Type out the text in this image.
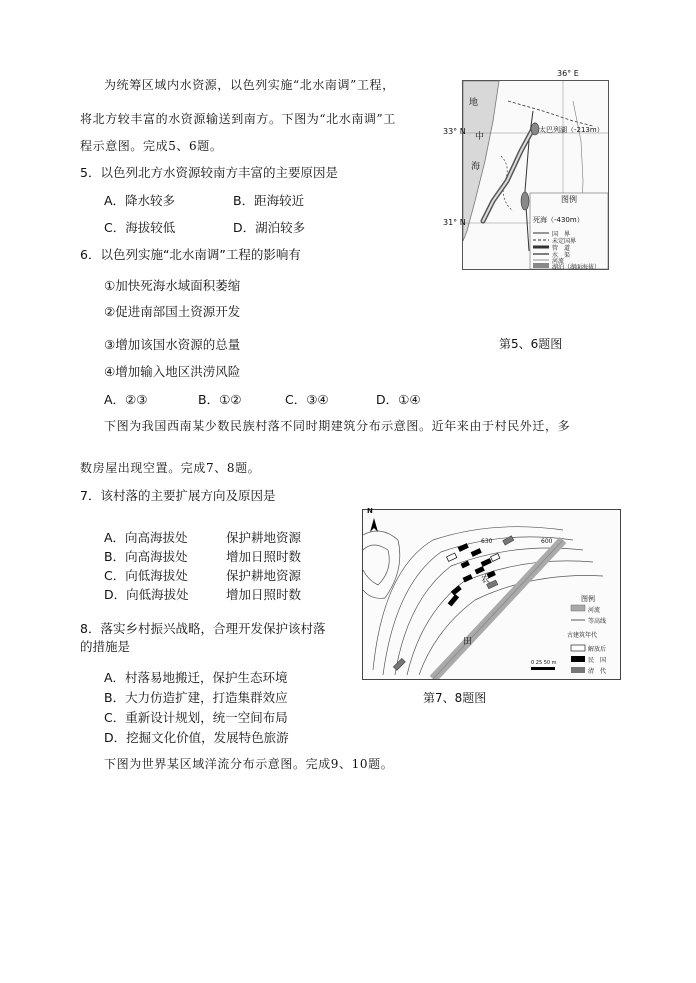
为统筹区域内水资源，以色列实施“北水南调”工程，
将北方较丰富的水资源输送到南方。下图为“北水南调”工
程示意图。完成5、6题。
5．以色列北方水资源较南方丰富的主要原因是
A．降水较多	B．距海较近
C．海拔较低	D．湖泊较多
6．以色列实施“北水南调”工程的影响有
①加快死海水域面积萎缩
②促进南部国土资源开发
③增加该国水资源的总量
④增加输入地区洪涝风险
A．②③	B．①②	C．③④	D．①④
36° E
33° N
31° N
地
中
海
太巴列湖（-213m）
死海（-430m）
图例
国　界
未定国界
管　道
水　渠
河流
湖泊（湖面海拔）
第5、6题图
下图为我国西南某少数民族村落不同时期建筑分布示意图。近年来由于村民外迁，多
数房屋出现空置。完成7、8题。
7．该村落的主要扩展方向及原因是
A．向高海拔处	保护耕地资源
B．向高海拔处	增加日照时数
C．向低海拔处	保护耕地资源
D．向低海拔处	增加日照时数
8．落实乡村振兴战略，合理开发保护该村落
的措施是
A．村落易地搬迁，保护生态环境
B．大力仿造扩建，打造集群效应
C．重新设计规划，统一空间布局
D．挖掘文化价值，发展特色旅游
N
农
田
630	600
图例
河流
等高线
古建筑年代
解放后
民　国
清　代
0 25 50 m
第7、8题图
下图为世界某区域洋流分布示意图。完成9、10题。
